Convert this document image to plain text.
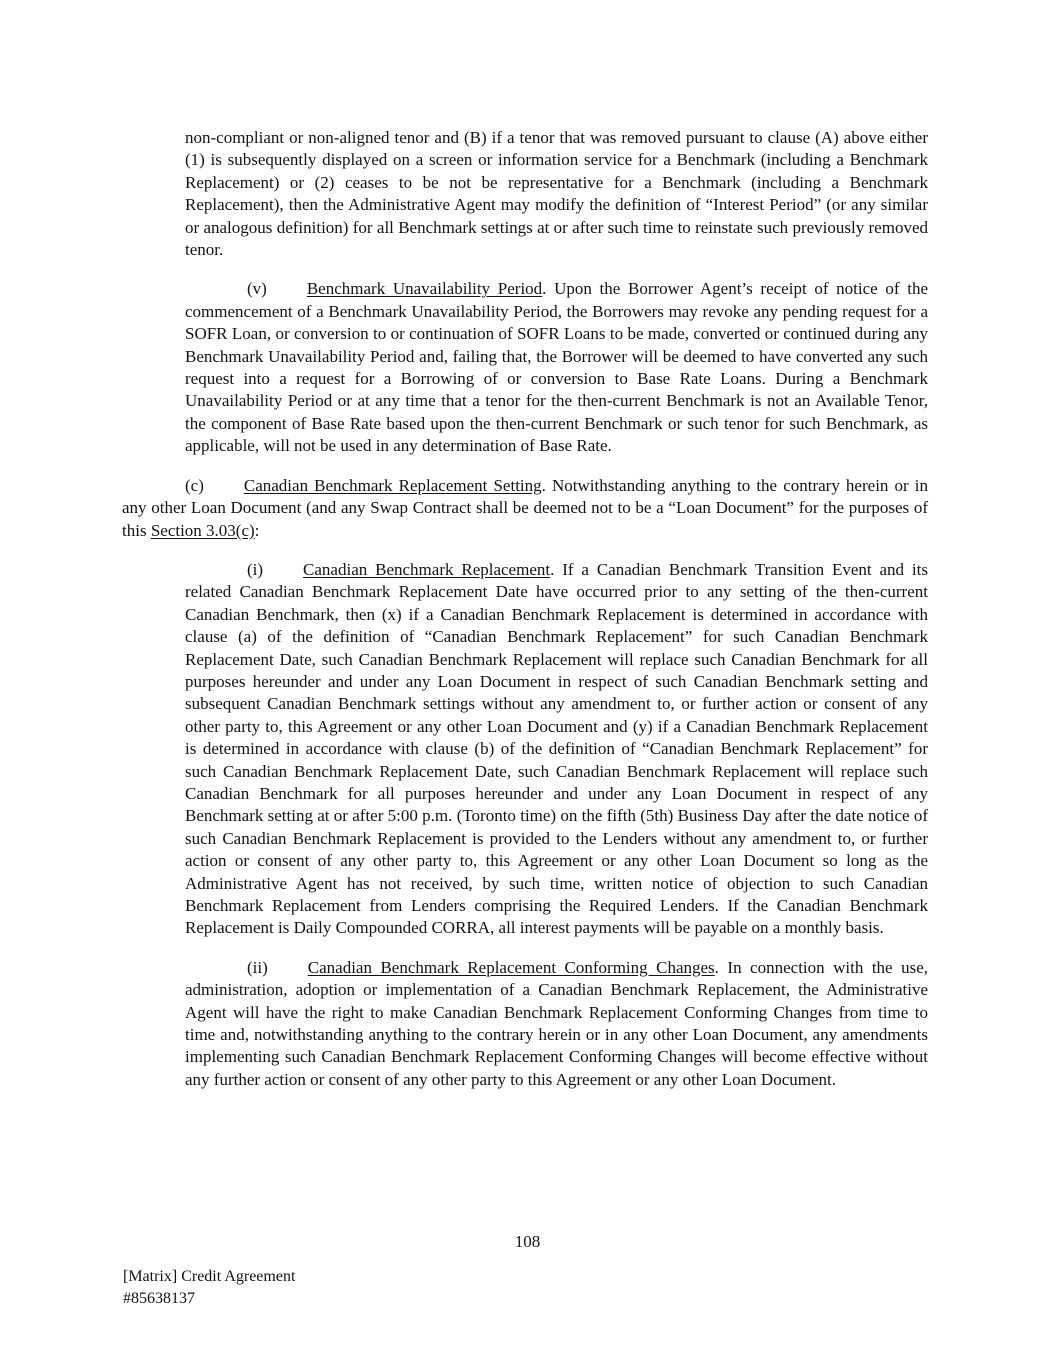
non-compliant or non-aligned tenor and (B) if a tenor that was removed pursuant to clause (A) above either (1) is subsequently displayed on a screen or information service for a Benchmark (including a Benchmark Replacement) or (2) ceases to be not be representative for a Benchmark (including a Benchmark Replacement), then the Administrative Agent may modify the definition of “Interest Period” (or any similar or analogous definition) for all Benchmark settings at or after such time to reinstate such previously removed tenor.

(v) Benchmark Unavailability Period. Upon the Borrower Agent’s receipt of notice of the commencement of a Benchmark Unavailability Period, the Borrowers may revoke any pending request for a SOFR Loan, or conversion to or continuation of SOFR Loans to be made, converted or continued during any Benchmark Unavailability Period and, failing that, the Borrower will be deemed to have converted any such request into a request for a Borrowing of or conversion to Base Rate Loans. During a Benchmark Unavailability Period or at any time that a tenor for the then-current Benchmark is not an Available Tenor, the component of Base Rate based upon the then-current Benchmark or such tenor for such Benchmark, as applicable, will not be used in any determination of Base Rate.

(c) Canadian Benchmark Replacement Setting. Notwithstanding anything to the contrary herein or in any other Loan Document (and any Swap Contract shall be deemed not to be a “Loan Document” for the purposes of this Section 3.03(c):

(i) Canadian Benchmark Replacement. If a Canadian Benchmark Transition Event and its related Canadian Benchmark Replacement Date have occurred prior to any setting of the then-current Canadian Benchmark, then (x) if a Canadian Benchmark Replacement is determined in accordance with clause (a) of the definition of “Canadian Benchmark Replacement” for such Canadian Benchmark Replacement Date, such Canadian Benchmark Replacement will replace such Canadian Benchmark for all purposes hereunder and under any Loan Document in respect of such Canadian Benchmark setting and subsequent Canadian Benchmark settings without any amendment to, or further action or consent of any other party to, this Agreement or any other Loan Document and (y) if a Canadian Benchmark Replacement is determined in accordance with clause (b) of the definition of “Canadian Benchmark Replacement” for such Canadian Benchmark Replacement Date, such Canadian Benchmark Replacement will replace such Canadian Benchmark for all purposes hereunder and under any Loan Document in respect of any Benchmark setting at or after 5:00 p.m. (Toronto time) on the fifth (5th) Business Day after the date notice of such Canadian Benchmark Replacement is provided to the Lenders without any amendment to, or further action or consent of any other party to, this Agreement or any other Loan Document so long as the Administrative Agent has not received, by such time, written notice of objection to such Canadian Benchmark Replacement from Lenders comprising the Required Lenders. If the Canadian Benchmark Replacement is Daily Compounded CORRA, all interest payments will be payable on a monthly basis.

(ii) Canadian Benchmark Replacement Conforming Changes. In connection with the use, administration, adoption or implementation of a Canadian Benchmark Replacement, the Administrative Agent will have the right to make Canadian Benchmark Replacement Conforming Changes from time to time and, notwithstanding anything to the contrary herein or in any other Loan Document, any amendments implementing such Canadian Benchmark Replacement Conforming Changes will become effective without any further action or consent of any other party to this Agreement or any other Loan Document.

108
[Matrix] Credit Agreement
#85638137
